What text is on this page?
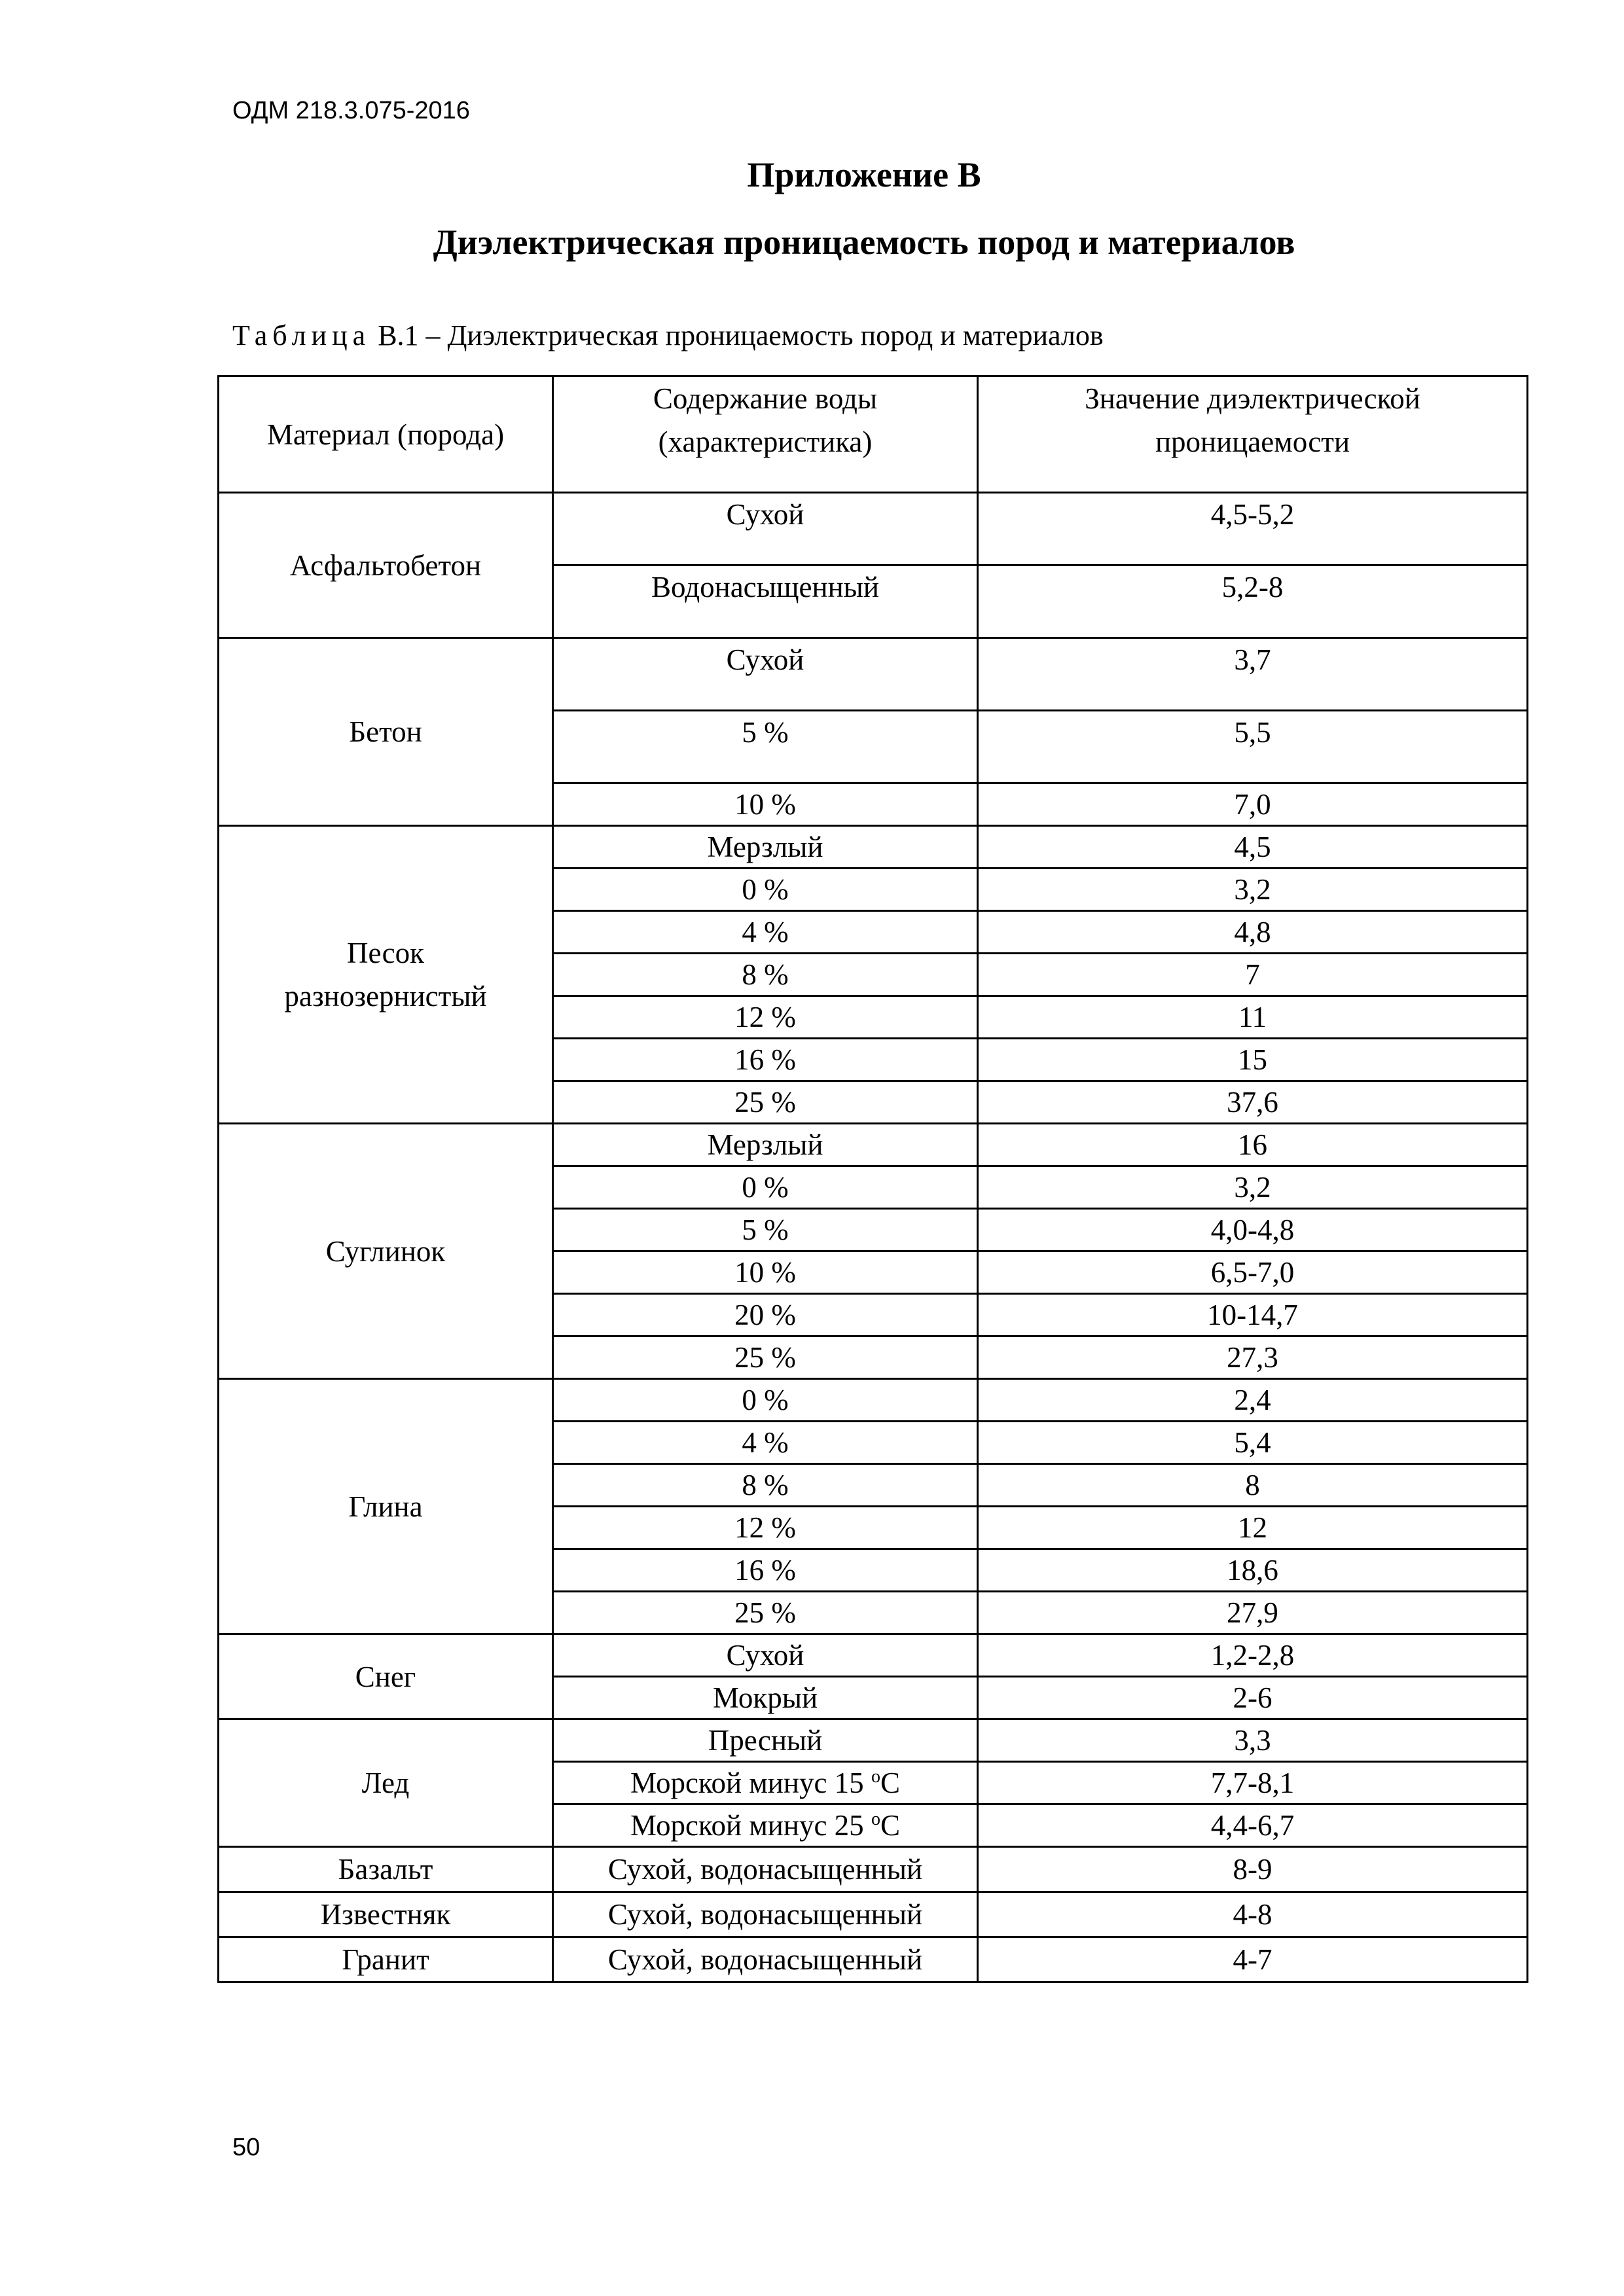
ОДМ 218.3.075-2016
Приложение В
Диэлектрическая проницаемость пород и материалов
Таблица В.1 – Диэлектрическая проницаемость пород и материалов
Материал (порода)	Содержание воды (характеристика)	Значение диэлектрической проницаемости
Асфальтобетон	Сухой	4,5-5,2
	Водонасыщенный	5,2-8
Бетон	Сухой	3,7
	5 %	5,5
	10 %	7,0
Песок разнозернистый	Мерзлый	4,5
	0 %	3,2
	4 %	4,8
	8 %	7
	12 %	11
	16 %	15
	25 %	37,6
Суглинок	Мерзлый	16
	0 %	3,2
	5 %	4,0-4,8
	10 %	6,5-7,0
	20 %	10-14,7
	25 %	27,3
Глина	0 %	2,4
	4 %	5,4
	8 %	8
	12 %	12
	16 %	18,6
	25 %	27,9
Снег	Сухой	1,2-2,8
	Мокрый	2-6
Лед	Пресный	3,3
	Морской минус 15 $^o$С	7,7-8,1
	Морской минус 25 $^o$С	4,4-6,7
Базальт	Сухой, водонасыщенный	8-9
Известняк	Сухой, водонасыщенный	4-8
Гранит	Сухой, водонасыщенный	4-7
50
